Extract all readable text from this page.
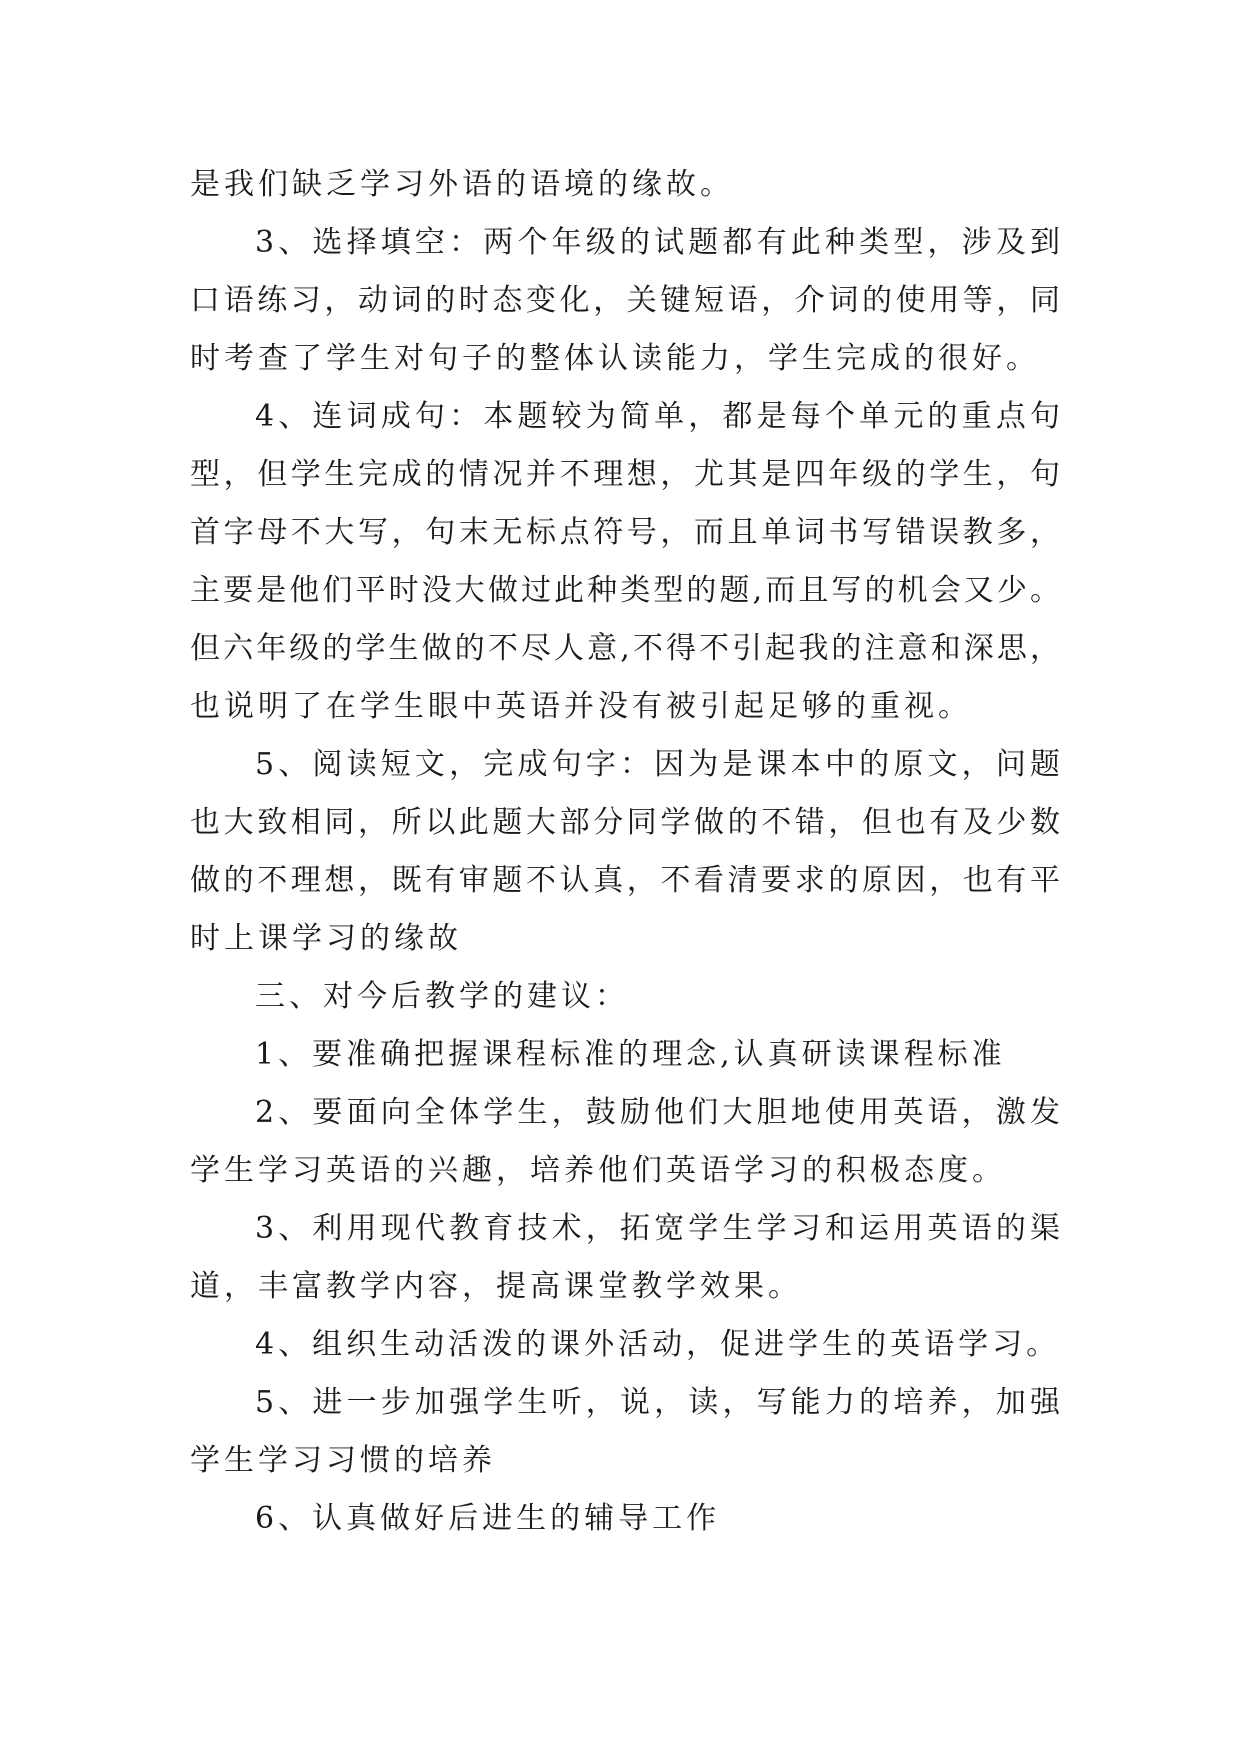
是我们缺乏学习外语的语境的缘故。
3、选择填空：两个年级的试题都有此种类型，涉及到
口语练习，动词的时态变化，关键短语，介词的使用等，同
时考查了学生对句子的整体认读能力，学生完成的很好。
4、连词成句：本题较为简单，都是每个单元的重点句
型，但学生完成的情况并不理想，尤其是四年级的学生，句
首字母不大写，句末无标点符号，而且单词书写错误教多，
主要是他们平时没大做过此种类型的题,而且写的机会又少。
但六年级的学生做的不尽人意,不得不引起我的注意和深思，
也说明了在学生眼中英语并没有被引起足够的重视。
5、阅读短文，完成句字：因为是课本中的原文，问题
也大致相同，所以此题大部分同学做的不错，但也有及少数
做的不理想，既有审题不认真，不看清要求的原因，也有平
时上课学习的缘故
三、对今后教学的建议：
1、要准确把握课程标准的理念,认真研读课程标准
2、要面向全体学生，鼓励他们大胆地使用英语，激发
学生学习英语的兴趣，培养他们英语学习的积极态度。
3、利用现代教育技术，拓宽学生学习和运用英语的渠
道，丰富教学内容，提高课堂教学效果。
4、组织生动活泼的课外活动，促进学生的英语学习。
5、进一步加强学生听，说，读，写能力的培养，加强
学生学习习惯的培养
6、认真做好后进生的辅导工作
